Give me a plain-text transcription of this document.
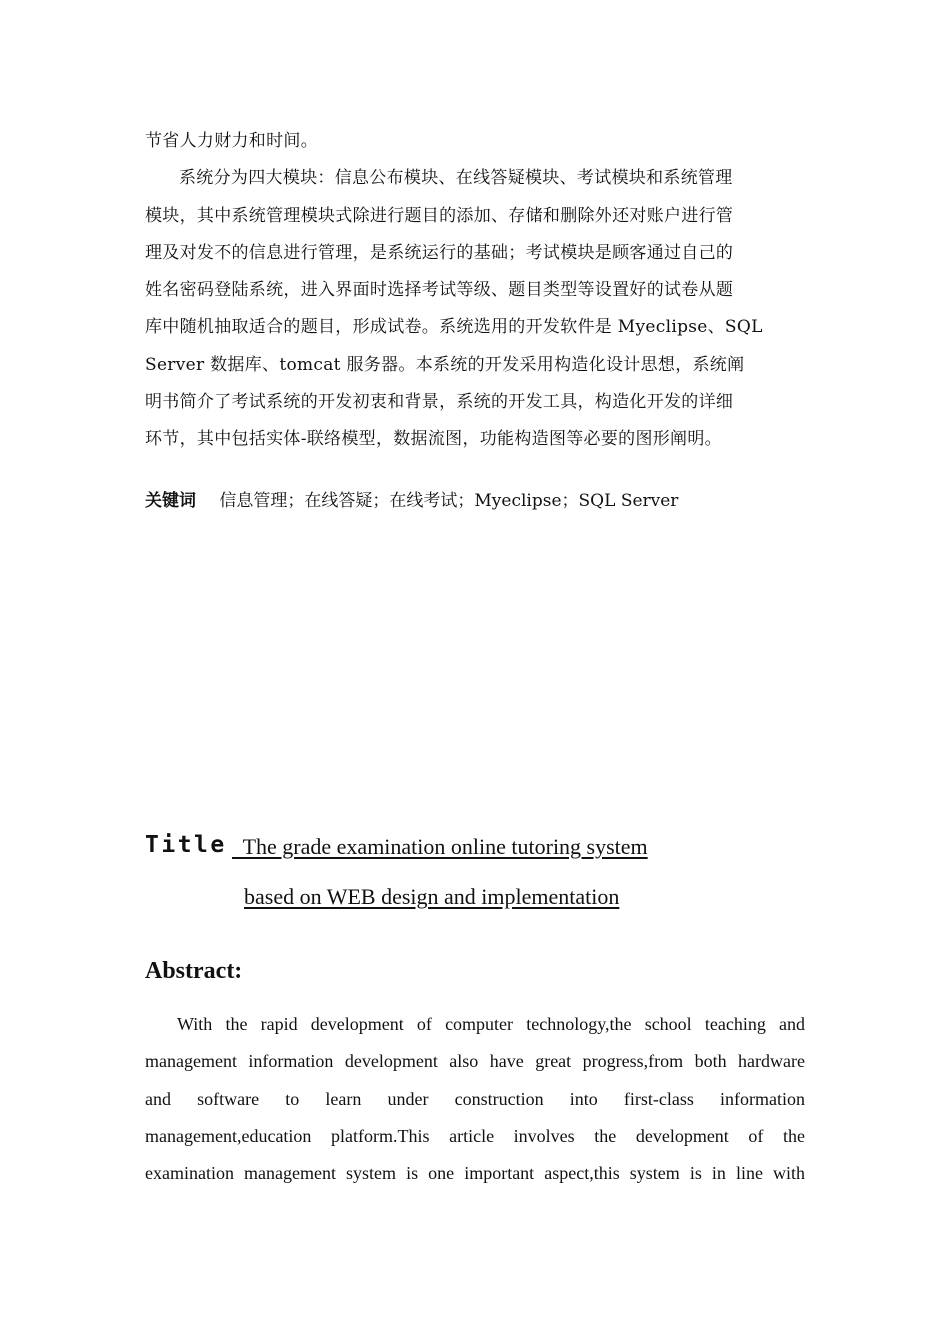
节省人力财力和时间。
系统分为四大模块：信息公布模块、在线答疑模块、考试模块和系统管理
模块，其中系统管理模块式除进行题目的添加、存储和删除外还对账户进行管
理及对发不的信息进行管理，是系统运行的基础；考试模块是顾客通过自己的
姓名密码登陆系统，进入界面时选择考试等级、题目类型等设置好的试卷从题
库中随机抽取适合的题目，形成试卷。系统选用的开发软件是 Myeclipse、SQL
Server 数据库、tomcat 服务器。本系统的开发采用构造化设计思想，系统阐
明书简介了考试系统的开发初衷和背景，系统的开发工具，构造化开发的详细
环节，其中包括实体-联络模型，数据流图，功能构造图等必要的图形阐明。
关键词 信息管理；在线答疑；在线考试；Myeclipse；SQL Server
Title The grade examination online tutoring system
based on WEB design and implementation
Abstract:
With the rapid development of computer technology,the school teaching and
management information development also have great progress,from both hardware
and software to learn under construction into first-class information
management,education platform.This article involves the development of the
examination management system is one important aspect,this system is in line with
